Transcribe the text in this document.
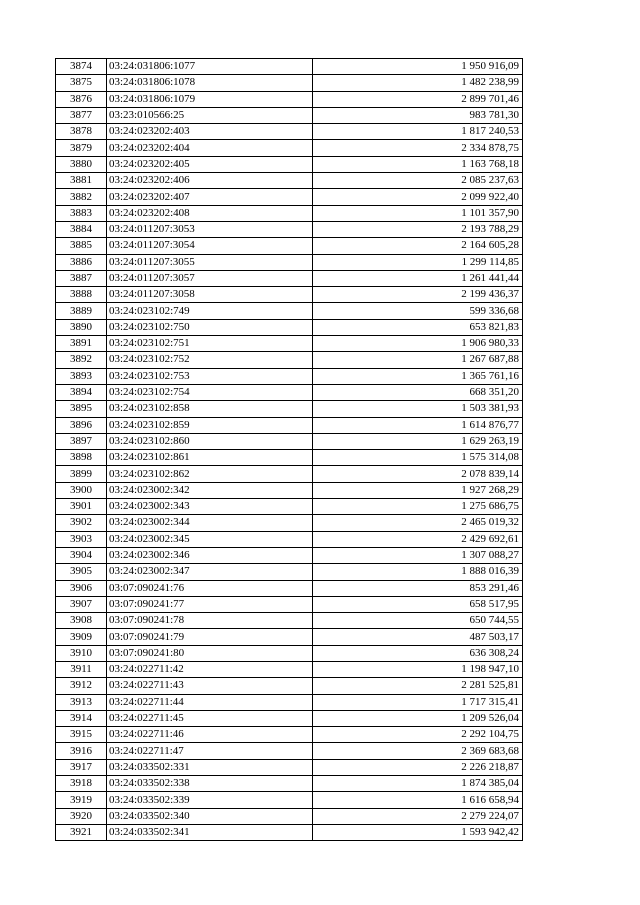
3874	03:24:031806:1077	1 950 916,09
3875	03:24:031806:1078	1 482 238,99
3876	03:24:031806:1079	2 899 701,46
3877	03:23:010566:25	983 781,30
3878	03:24:023202:403	1 817 240,53
3879	03:24:023202:404	2 334 878,75
3880	03:24:023202:405	1 163 768,18
3881	03:24:023202:406	2 085 237,63
3882	03:24:023202:407	2 099 922,40
3883	03:24:023202:408	1 101 357,90
3884	03:24:011207:3053	2 193 788,29
3885	03:24:011207:3054	2 164 605,28
3886	03:24:011207:3055	1 299 114,85
3887	03:24:011207:3057	1 261 441,44
3888	03:24:011207:3058	2 199 436,37
3889	03:24:023102:749	599 336,68
3890	03:24:023102:750	653 821,83
3891	03:24:023102:751	1 906 980,33
3892	03:24:023102:752	1 267 687,88
3893	03:24:023102:753	1 365 761,16
3894	03:24:023102:754	668 351,20
3895	03:24:023102:858	1 503 381,93
3896	03:24:023102:859	1 614 876,77
3897	03:24:023102:860	1 629 263,19
3898	03:24:023102:861	1 575 314,08
3899	03:24:023102:862	2 078 839,14
3900	03:24:023002:342	1 927 268,29
3901	03:24:023002:343	1 275 686,75
3902	03:24:023002:344	2 465 019,32
3903	03:24:023002:345	2 429 692,61
3904	03:24:023002:346	1 307 088,27
3905	03:24:023002:347	1 888 016,39
3906	03:07:090241:76	853 291,46
3907	03:07:090241:77	658 517,95
3908	03:07:090241:78	650 744,55
3909	03:07:090241:79	487 503,17
3910	03:07:090241:80	636 308,24
3911	03:24:022711:42	1 198 947,10
3912	03:24:022711:43	2 281 525,81
3913	03:24:022711:44	1 717 315,41
3914	03:24:022711:45	1 209 526,04
3915	03:24:022711:46	2 292 104,75
3916	03:24:022711:47	2 369 683,68
3917	03:24:033502:331	2 226 218,87
3918	03:24:033502:338	1 874 385,04
3919	03:24:033502:339	1 616 658,94
3920	03:24:033502:340	2 279 224,07
3921	03:24:033502:341	1 593 942,42
